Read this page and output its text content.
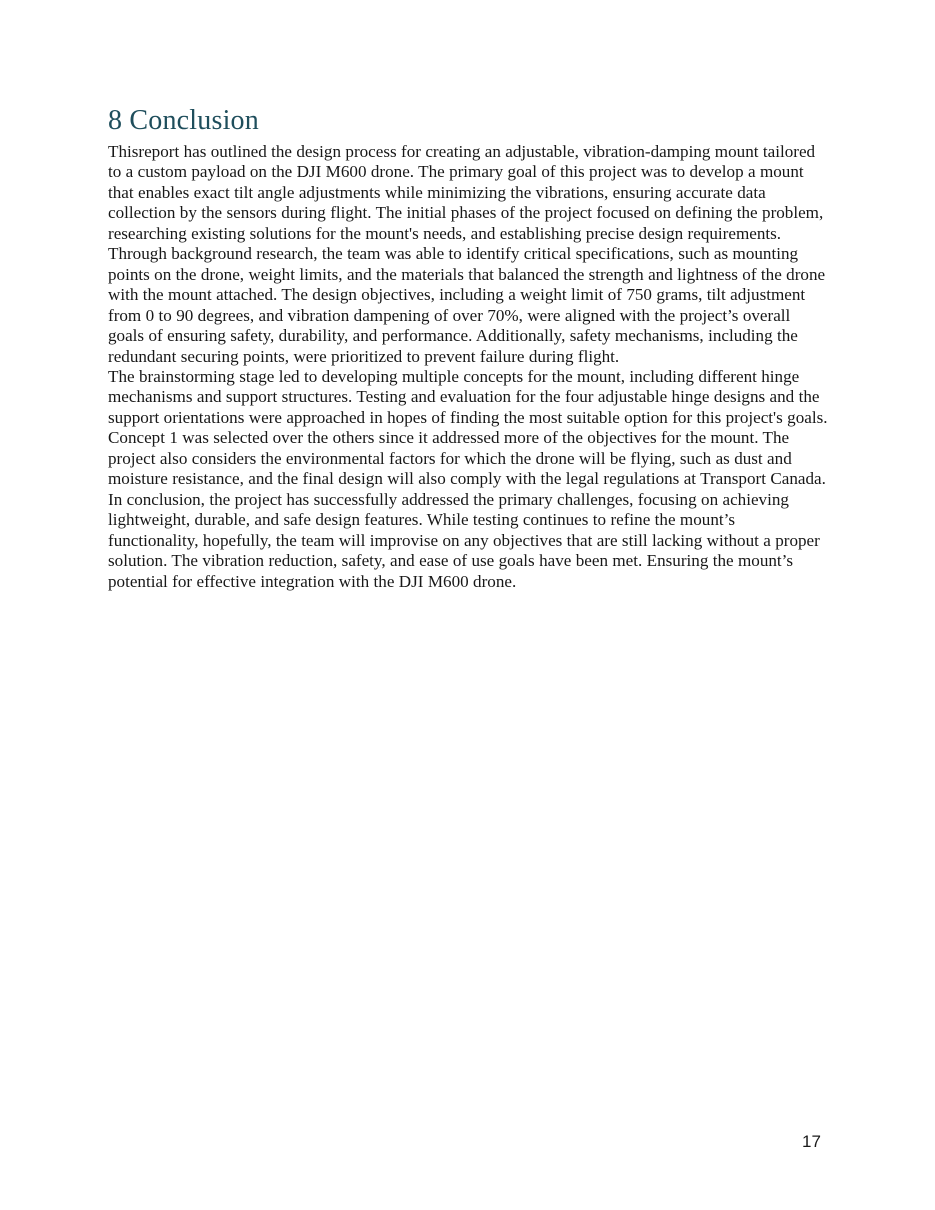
8 Conclusion

Thisreport has outlined the design process for creating an adjustable, vibration-damping mount tailored to a custom payload on the DJI M600 drone. The primary goal of this project was to develop a mount that enables exact tilt angle adjustments while minimizing the vibrations, ensuring accurate data collection by the sensors during flight. The initial phases of the project focused on defining the problem, researching existing solutions for the mount's needs, and establishing precise design requirements.

Through background research, the team was able to identify critical specifications, such as mounting points on the drone, weight limits, and the materials that balanced the strength and lightness of the drone with the mount attached. The design objectives, including a weight limit of 750 grams, tilt adjustment from 0 to 90 degrees, and vibration dampening of over 70%, were aligned with the project’s overall goals of ensuring safety, durability, and performance. Additionally, safety mechanisms, including the redundant securing points, were prioritized to prevent failure during flight.

The brainstorming stage led to developing multiple concepts for the mount, including different hinge mechanisms and support structures. Testing and evaluation for the four adjustable hinge designs and the support orientations were approached in hopes of finding the most suitable option for this project's goals. Concept 1 was selected over the others since it addressed more of the objectives for the mount. The project also considers the environmental factors for which the drone will be flying, such as dust and moisture resistance, and the final design will also comply with the legal regulations at Transport Canada.

In conclusion, the project has successfully addressed the primary challenges, focusing on achieving lightweight, durable, and safe design features. While testing continues to refine the mount’s functionality, hopefully, the team will improvise on any objectives that are still lacking without a proper solution. The vibration reduction, safety, and ease of use goals have been met. Ensuring the mount’s potential for effective integration with the DJI M600 drone.

17
